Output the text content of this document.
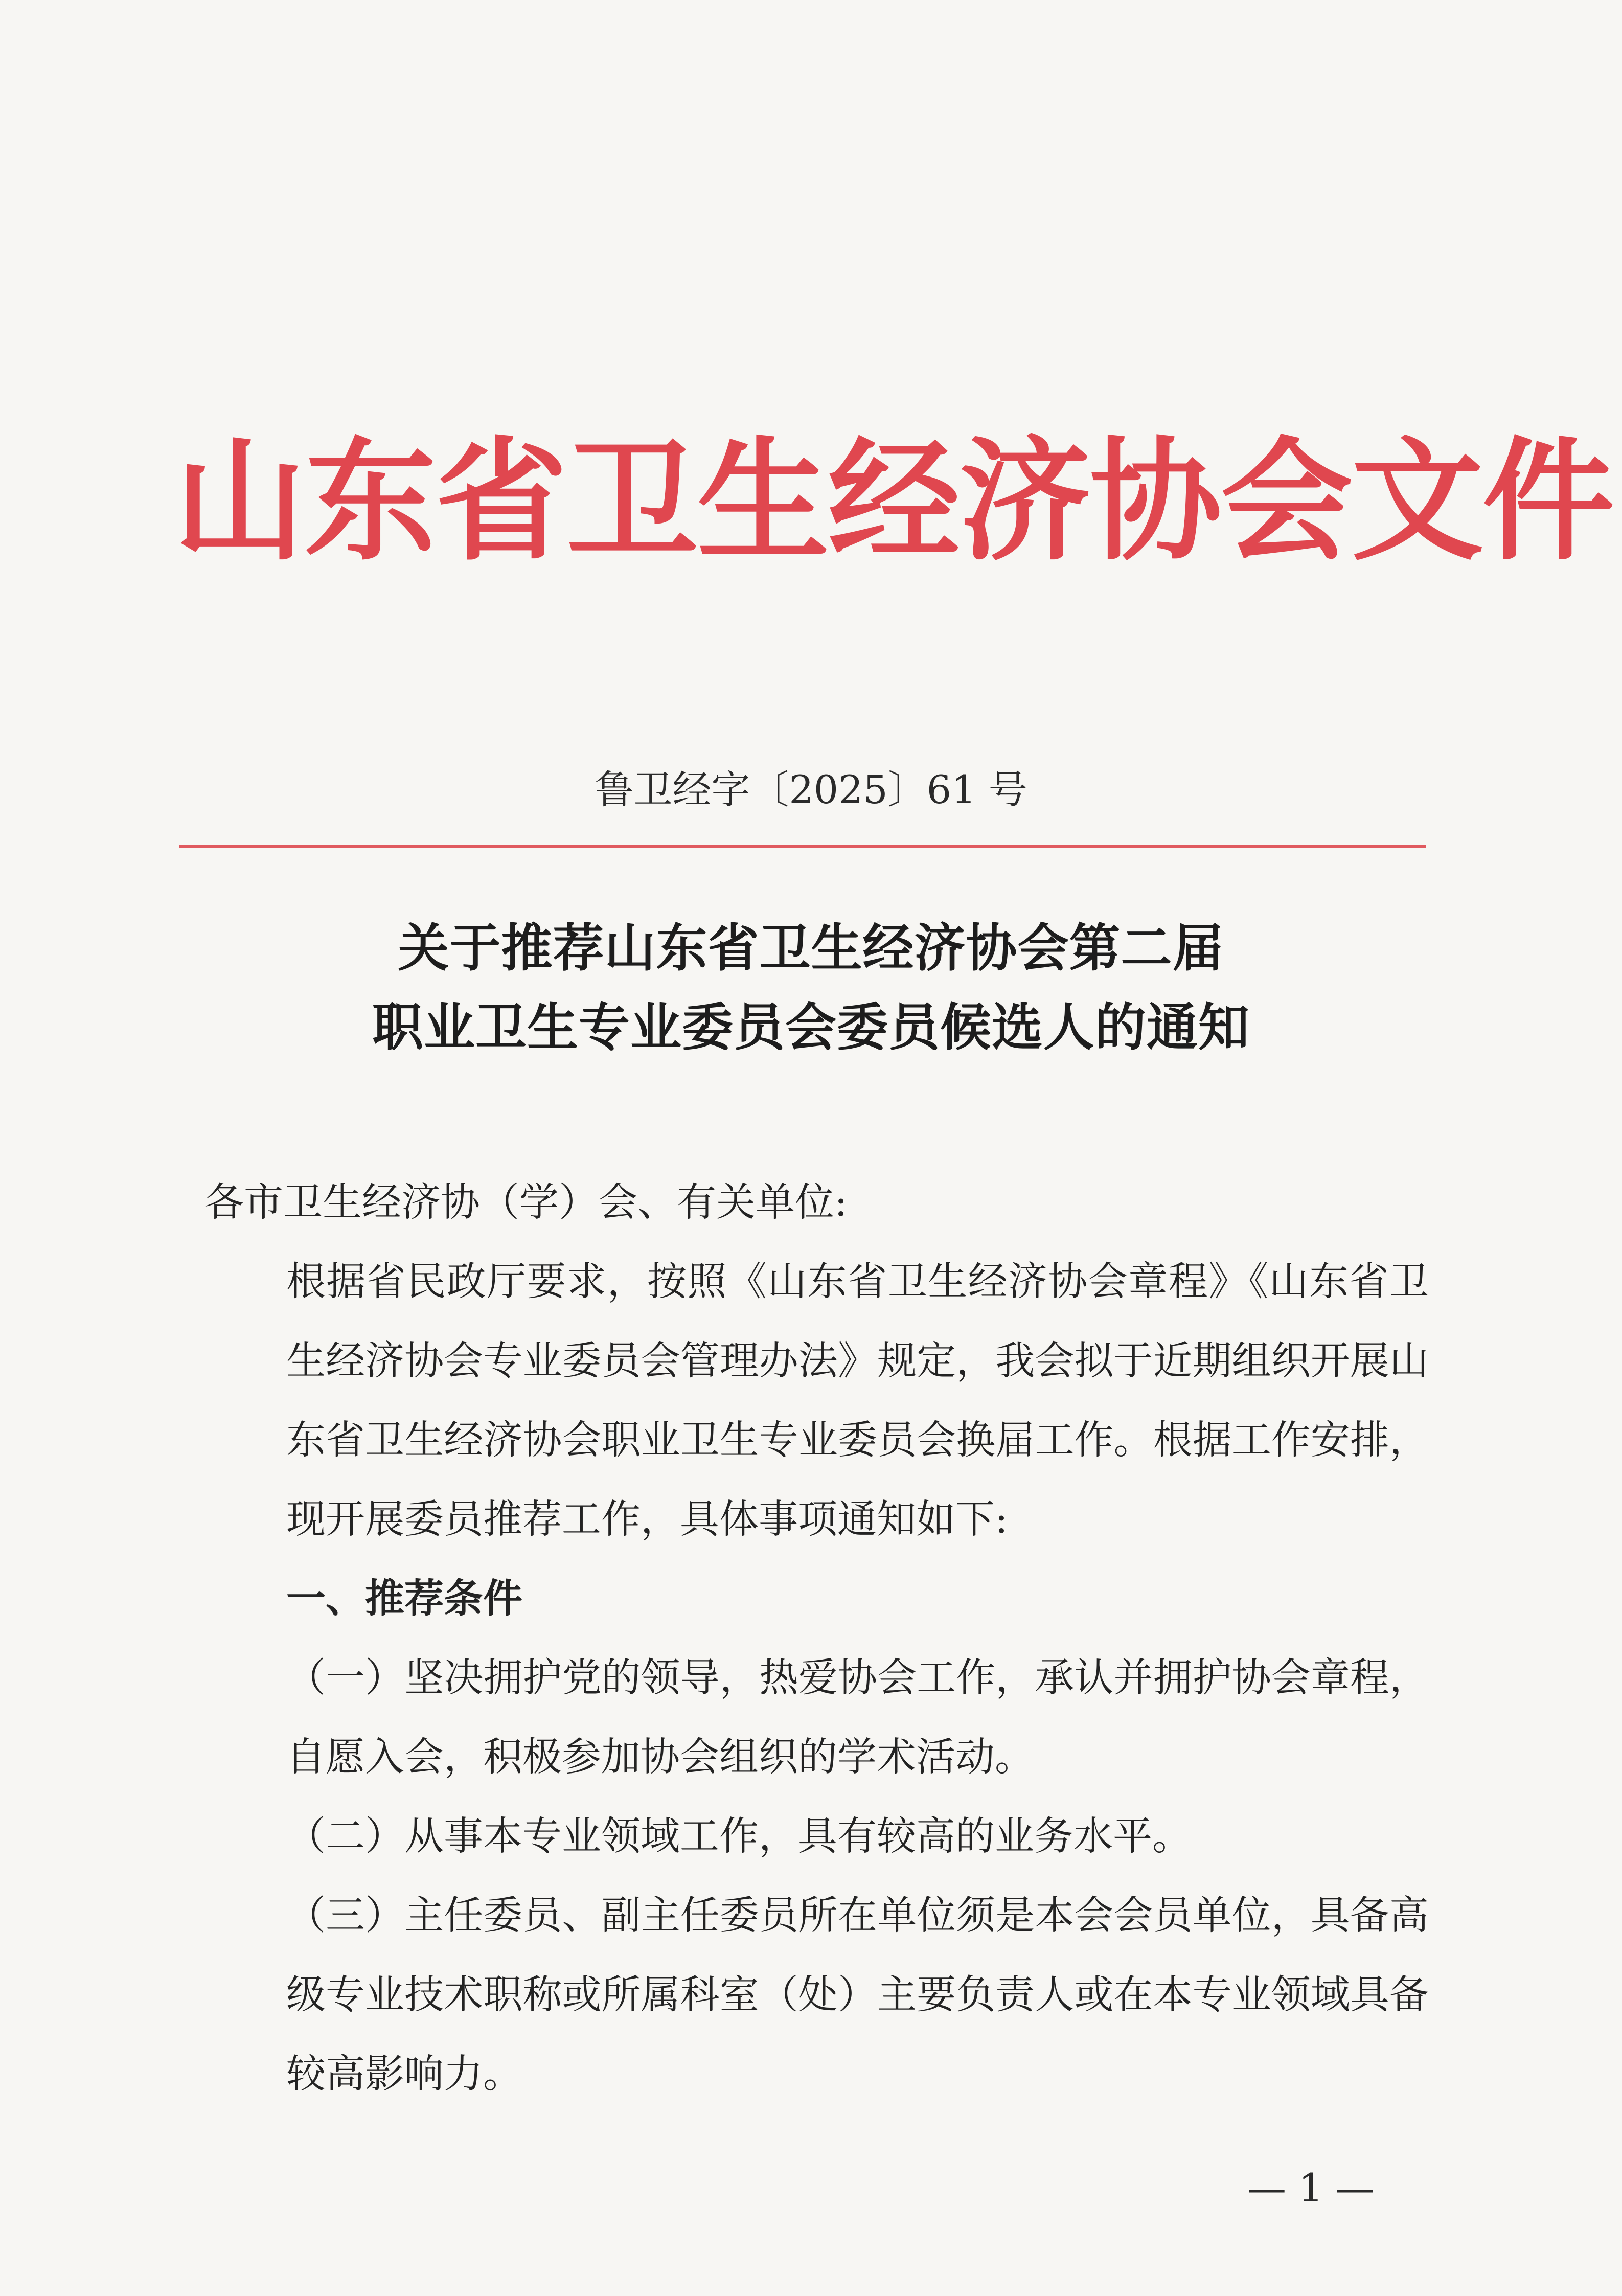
山东省卫生经济协会文件
鲁卫经字〔2025〕61 号
关于推荐山东省卫生经济协会第二届
职业卫生专业委员会委员候选人的通知

各市卫生经济协（学）会、有关单位:

根据省民政厅要求，按照《山东省卫生经济协会章程》《山东省卫生经济协会专业委员会管理办法》规定，我会拟于近期组织开展山东省卫生经济协会职业卫生专业委员会换届工作。根据工作安排，现开展委员推荐工作，具体事项通知如下:

一、推荐条件

（一）坚决拥护党的领导，热爱协会工作，承认并拥护协会章程，自愿入会，积极参加协会组织的学术活动。

（二）从事本专业领域工作，具有较高的业务水平。

（三）主任委员、副主任委员所在单位须是本会会员单位，具备高级专业技术职称或所属科室（处）主要负责人或在本专业领域具备较高影响力。

— 1 —
